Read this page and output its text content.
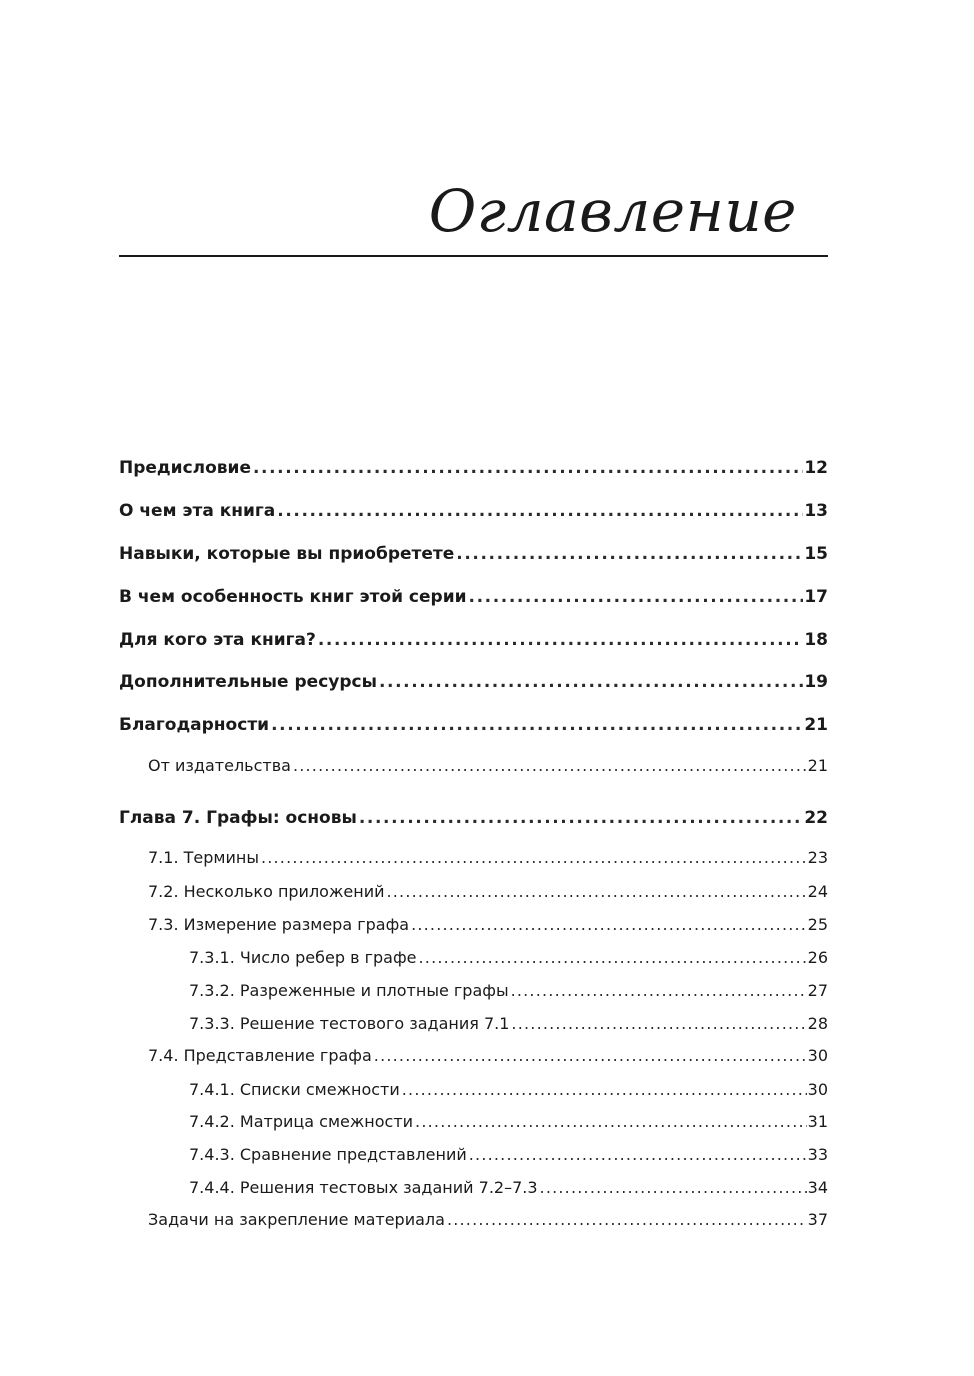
Оглавление
Предисловие .....	12
О чем эта книга .....	13
Навыки, которые вы приобретете .....	15
В чем особенность книг этой серии .....	17
Для кого эта книга? .....	18
Дополнительные ресурсы .....	19
Благодарности .....	21
От издательства .....	21
Глава 7. Графы: основы .....	22
7.1. Термины .....	23
7.2. Несколько приложений .....	24
7.3. Измерение размера графа .....	25
7.3.1. Число ребер в графе .....	26
7.3.2. Разреженные и плотные графы .....	27
7.3.3. Решение тестового задания 7.1 .....	28
7.4. Представление графа .....	30
7.4.1. Списки смежности .....	30
7.4.2. Матрица смежности .....	31
7.4.3. Сравнение представлений .....	33
7.4.4. Решения тестовых заданий 7.2–7.3 .....	34
Задачи на закрепление материала .....	37
